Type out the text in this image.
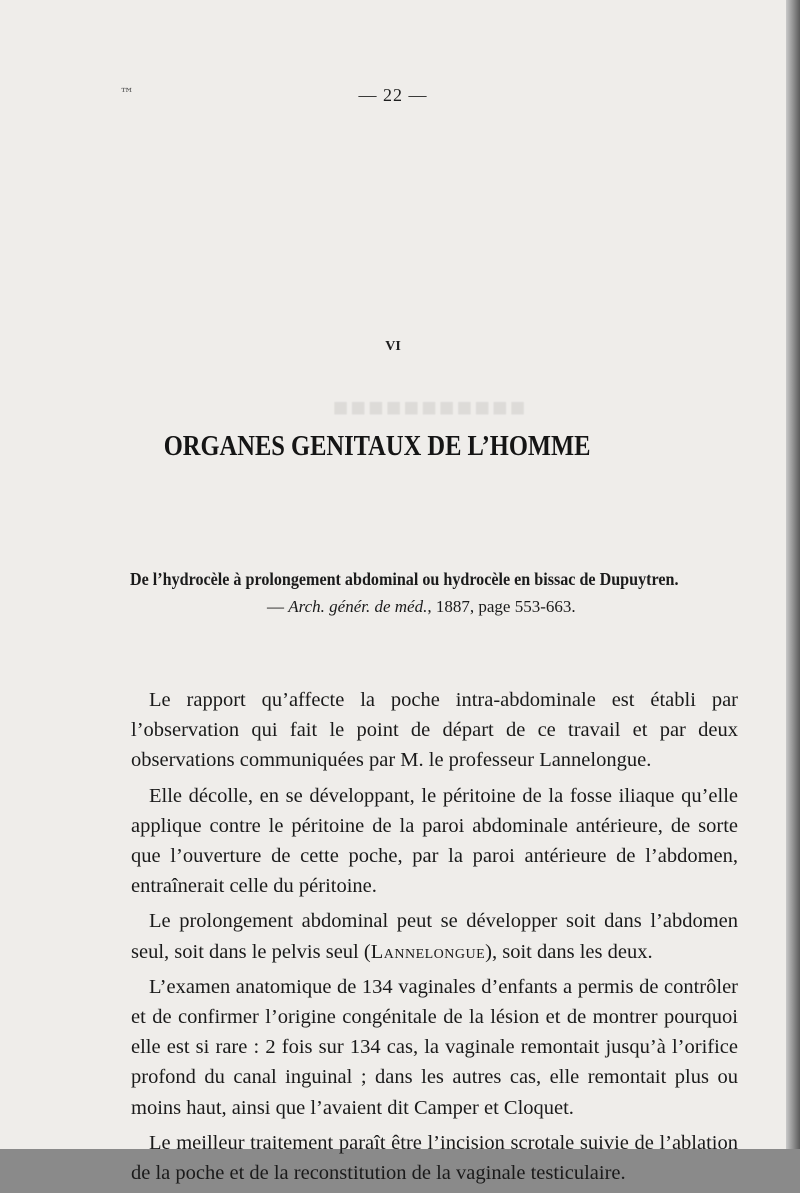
■■■■■■■■■■■
™	— 22 —
VI
ORGANES GENITAUX DE L’HOMME
De l’hydrocèle à prolongement abdominal ou hydrocèle en bissac de Dupuytren.
— Arch. génér. de méd., 1887, page 553-663.

Le rapport qu’affecte la poche intra-abdominale est établi par l’observation qui fait le point de départ de ce travail et par deux observations communiquées par M. le professeur Lannelongue.

Elle décolle, en se développant, le péritoine de la fosse iliaque qu’elle applique contre le péritoine de la paroi abdominale antérieure, de sorte que l’ouverture de cette poche, par la paroi antérieure de l’abdomen, entraînerait celle du péritoine.

Le prolongement abdominal peut se développer soit dans l’abdomen seul, soit dans le pelvis seul (Lannelongue), soit dans les deux.

L’examen anatomique de 134 vaginales d’enfants a permis de contrôler et de confirmer l’origine congénitale de la lésion et de montrer pourquoi elle est si rare : 2 fois sur 134 cas, la vaginale remontait jusqu’à l’orifice profond du canal inguinal ; dans les autres cas, elle remontait plus ou moins haut, ainsi que l’avaient dit Camper et Cloquet.

Le meilleur traitement paraît être l’incision scrotale suivie de l’ablation de la poche et de la reconstitution de la vaginale testiculaire.
